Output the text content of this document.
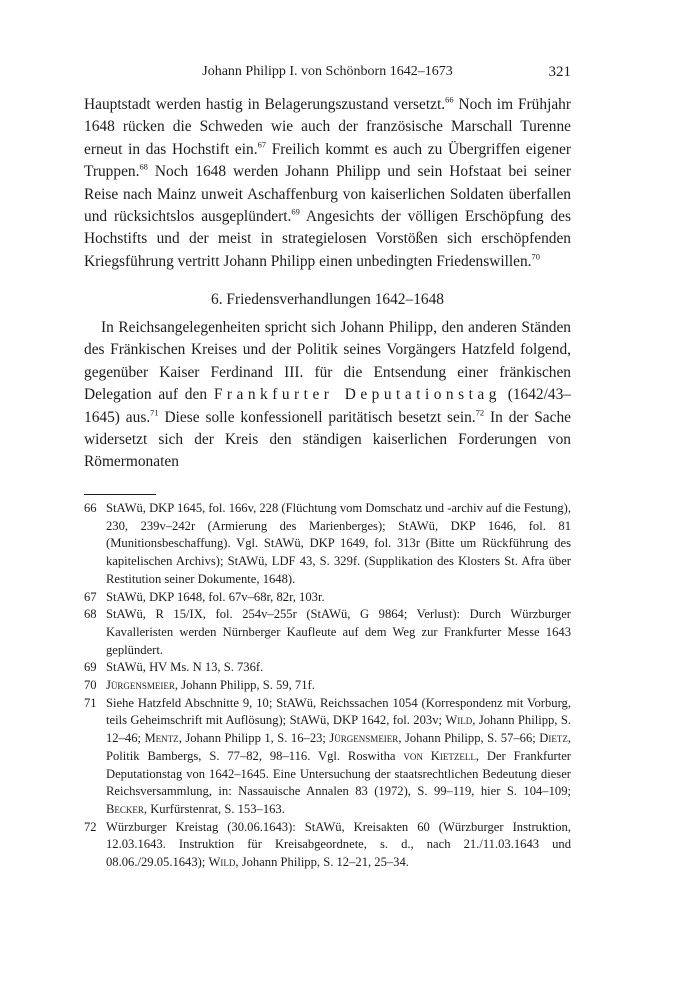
Johann Philipp I. von Schönborn 1642–1673	321

Hauptstadt werden hastig in Belagerungszustand versetzt.$^{66}$ Noch im Frühjahr 1648 rücken die Schweden wie auch der französische Marschall Turenne erneut in das Hochstift ein.$^{67}$ Freilich kommt es auch zu Übergriffen eigener Truppen.$^{68}$ Noch 1648 werden Johann Philipp und sein Hofstaat bei seiner Reise nach Mainz unweit Aschaffenburg von kaiserlichen Soldaten überfallen und rücksichtslos ausgeplündert.$^{69}$ Angesichts der völligen Erschöpfung des Hochstifts und der meist in strategielosen Vorstößen sich erschöpfenden Kriegsführung vertritt Johann Philipp einen unbedingten Friedenswillen.$^{70}$

6. Friedensverhandlungen 1642–1648

In Reichsangelegenheiten spricht sich Johann Philipp, den anderen Ständen des Fränkischen Kreises und der Politik seines Vorgängers Hatzfeld folgend, gegenüber Kaiser Ferdinand III. für die Entsendung einer fränkischen Delegation auf den Frankfurter Deputationstag (1642/43–1645) aus.$^{71}$ Diese solle konfessionell paritätisch besetzt sein.$^{72}$ In der Sache widersetzt sich der Kreis den ständigen kaiserlichen Forderungen von Römermonaten

66 StAWü, DKP 1645, fol. 166v, 228 (Flüchtung vom Domschatz und -archiv auf die Festung), 230, 239v–242r (Armierung des Marienberges); StAWü, DKP 1646, fol. 81 (Munitionsbeschaffung). Vgl. StAWü, DKP 1649, fol. 313r (Bitte um Rückführung des kapitelischen Archivs); StAWü, LDF 43, S. 329f. (Supplikation des Klosters St. Afra über Restitution seiner Dokumente, 1648).
67 StAWü, DKP 1648, fol. 67v–68r, 82r, 103r.
68 StAWü, R 15/IX, fol. 254v–255r (StAWü, G 9864; Verlust): Durch Würzburger Kavalleristen werden Nürnberger Kaufleute auf dem Weg zur Frankfurter Messe 1643 geplündert.
69 StAWü, HV Ms. N 13, S. 736f.
70 Jürgensmeier, Johann Philipp, S. 59, 71f.
71 Siehe Hatzfeld Abschnitte 9, 10; StAWü, Reichssachen 1054 (Korrespondenz mit Vorburg, teils Geheimschrift mit Auflösung); StAWü, DKP 1642, fol. 203v; Wild, Johann Philipp, S. 12–46; Mentz, Johann Philipp 1, S. 16–23; Jürgensmeier, Johann Philipp, S. 57–66; Dietz, Politik Bambergs, S. 77–82, 98–116. Vgl. Roswitha von Kietzell, Der Frankfurter Deputationstag von 1642–1645. Eine Untersuchung der staatsrechtlichen Bedeutung dieser Reichsversammlung, in: Nassauische Annalen 83 (1972), S. 99–119, hier S. 104–109; Becker, Kurfürstenrat, S. 153–163.
72 Würzburger Kreistag (30.06.1643): StAWü, Kreisakten 60 (Würzburger Instruktion, 12.03.1643. Instruktion für Kreisabgeordnete, s. d., nach 21./11.03.1643 und 08.06./29.05.1643); Wild, Johann Philipp, S. 12–21, 25–34.
